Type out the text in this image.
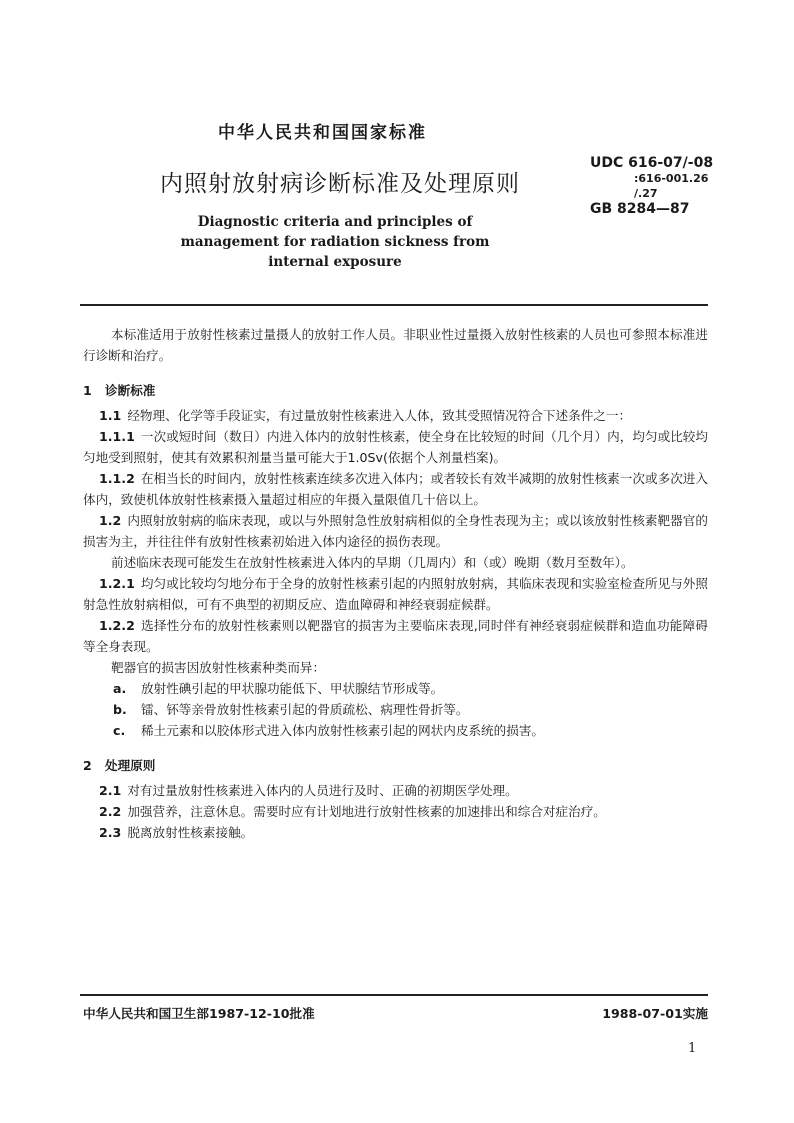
中华人民共和国国家标准
内照射放射病诊断标准及处理原则
UDC 616-07/-08
:616-001.26
/.27
GB 8284—87
Diagnostic criteria and principles of
management for radiation sickness from
internal exposure

本标准适用于放射性核素过量摄人的放射工作人员。非职业性过量摄入放射性核素的人员也可参照本标准进行诊断和治疗。

1 诊断标准

1.1 经物理、化学等手段证实，有过量放射性核素进入人体，致其受照情况符合下述条件之一：

1.1.1 一次或短时间（数日）内进入体内的放射性核素，使全身在比较短的时间（几个月）内，均匀或比较均匀地受到照射，使其有效累积剂量当量可能大于1.0Sv(依据个人剂量档案)。

1.1.2 在相当长的时间内，放射性核素连续多次进入体内；或者较长有效半减期的放射性核素一次或多次进入体内，致使机体放射性核素摄入量超过相应的年摄入量限值几十倍以上。

1.2 内照射放射病的临床表现，或以与外照射急性放射病相似的全身性表现为主；或以该放射性核素靶器官的损害为主，并往往伴有放射性核素初始进入体内途径的损伤表现。

前述临床表现可能发生在放射性核素进入体内的早期（几周内）和（或）晚期（数月至数年）。

1.2.1 均匀或比较均匀地分布于全身的放射性核素引起的内照射放射病，其临床表现和实验室检查所见与外照射急性放射病相似，可有不典型的初期反应、造血障碍和神经衰弱症候群。

1.2.2 选择性分布的放射性核素则以靶器官的损害为主要临床表现,同时伴有神经衰弱症候群和造血功能障碍等全身表现。

靶器官的损害因放射性核素种类而异：

a. 放射性碘引起的甲状腺功能低下、甲状腺结节形成等。

b. 镭、钚等亲骨放射性核素引起的骨质疏松、病理性骨折等。

c. 稀土元素和以胶体形式进入体内放射性核素引起的网状内皮系统的损害。

2 处理原则

2.1 对有过量放射性核素进入体内的人员进行及时、正确的初期医学处理。

2.2 加强营养，注意休息。需要时应有计划地进行放射性核素的加速排出和综合对症治疗。

2.3 脱离放射性核素接触。

中华人民共和国卫生部1987-12-10批准	1988-07-01实施
1
